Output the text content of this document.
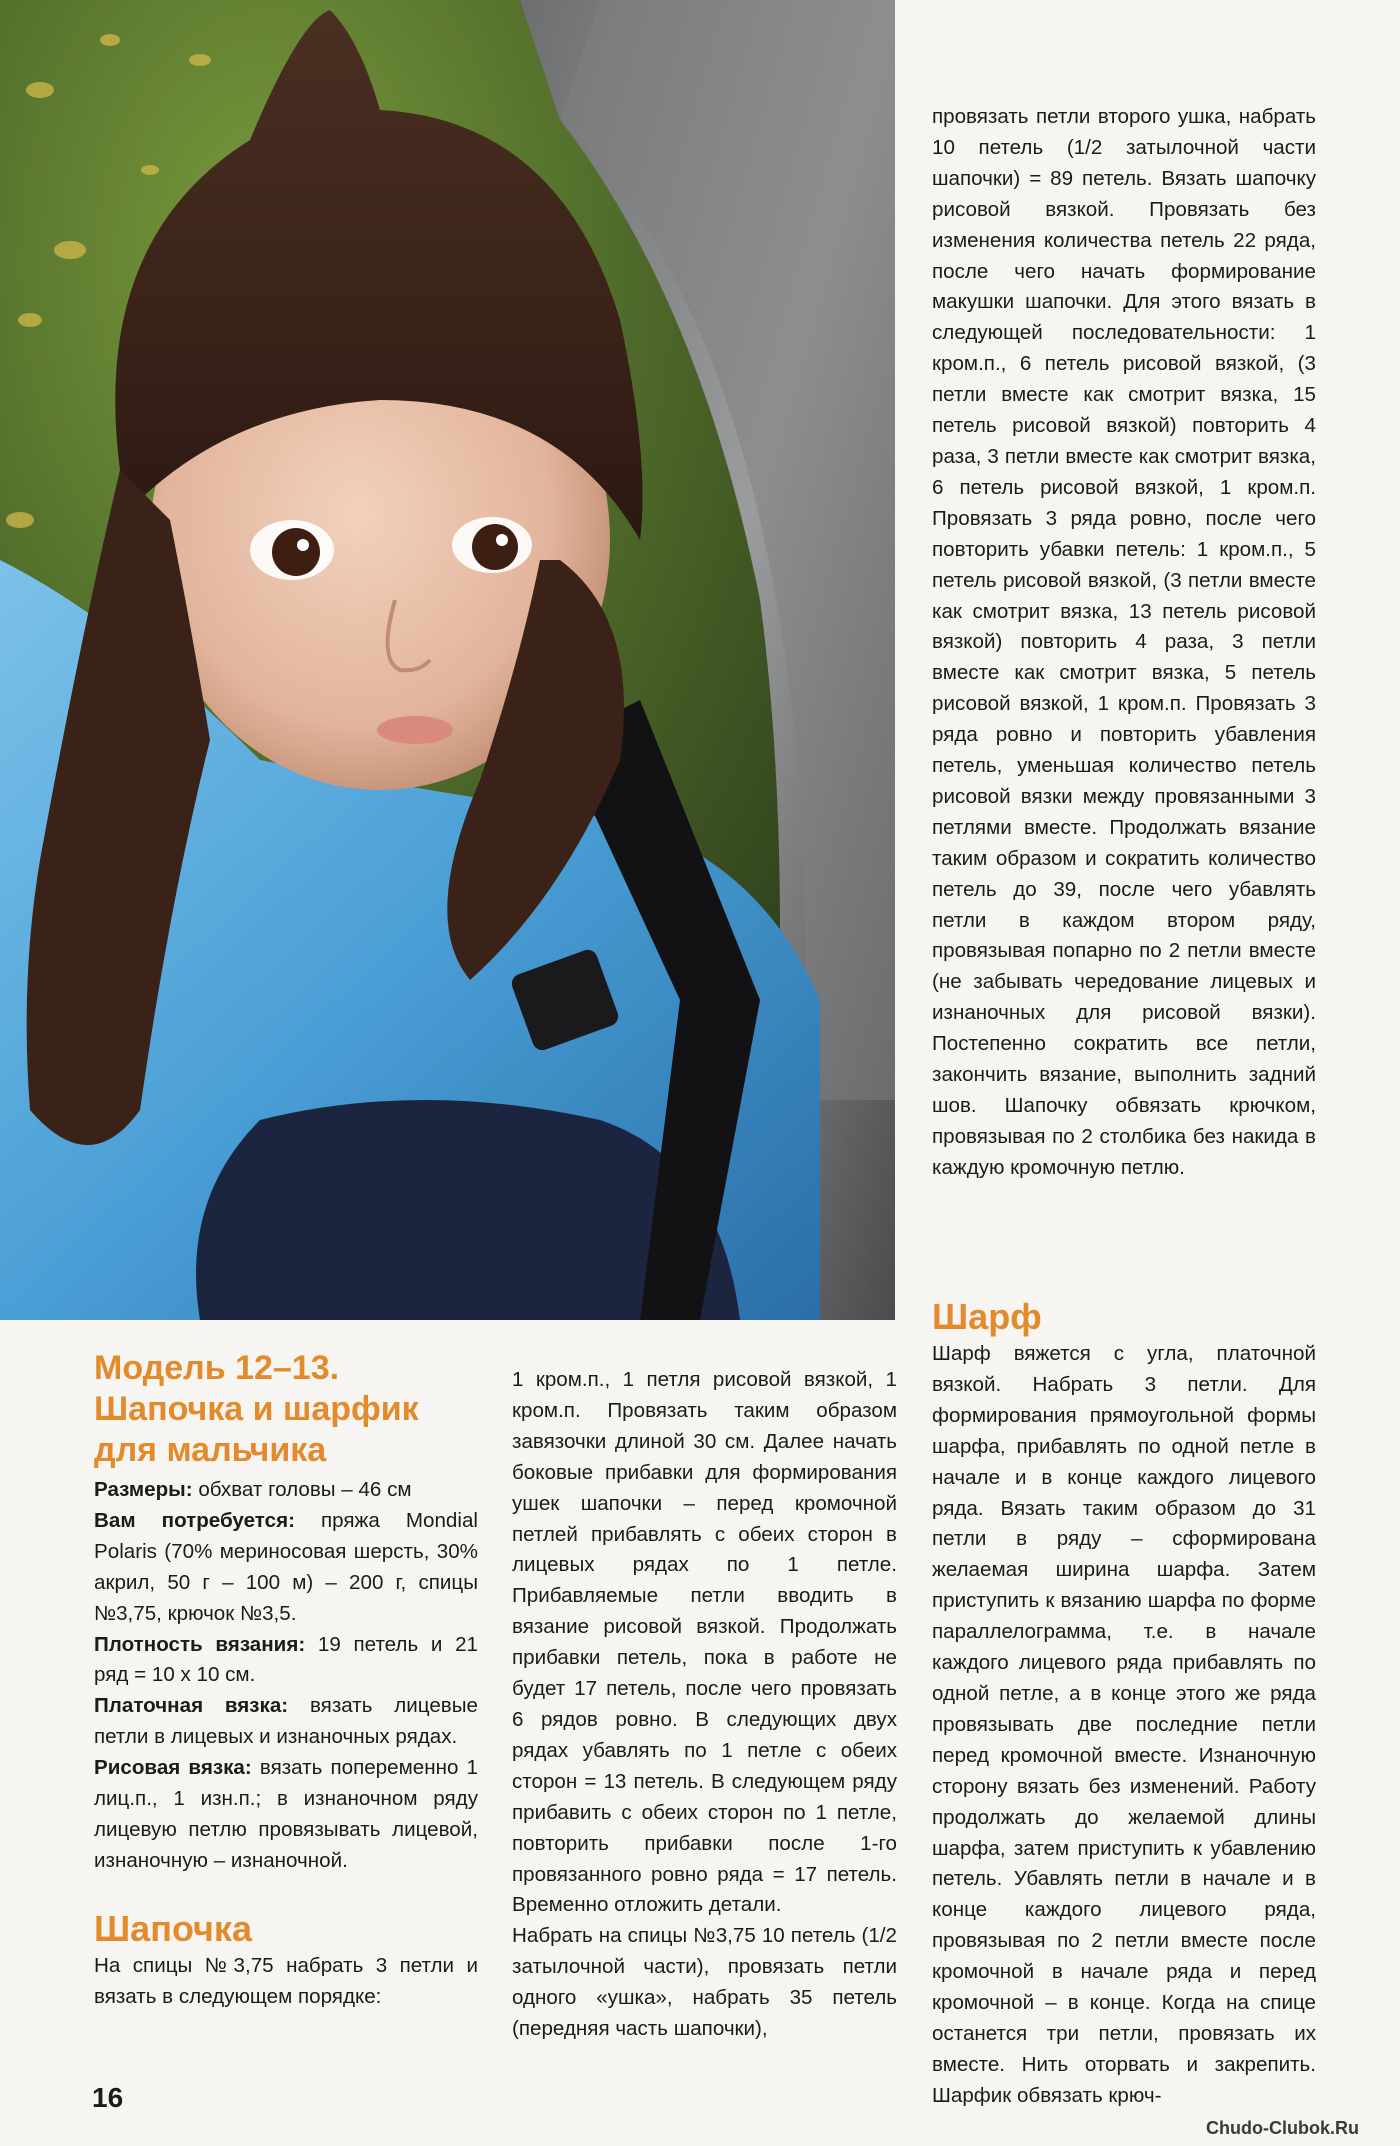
провязать петли второго ушка, набрать 10 петель (1/2 затылочной части шапочки) = 89 петель. Вязать шапочку рисовой вязкой. Провязать без изменения количества петель 22 ряда, после чего начать формирование макушки шапочки. Для этого вязать в следующей последовательности: 1 кром.п., 6 петель рисовой вязкой, (3 петли вместе как смотрит вязка, 15 петель рисовой вязкой) повторить 4 раза, 3 петли вместе как смотрит вязка, 6 петель рисовой вязкой, 1 кром.п. Провязать 3 ряда ровно, после чего повторить убавки петель: 1 кром.п., 5 петель рисовой вязкой, (3 петли вместе как смотрит вязка, 13 петель рисовой вязкой) повторить 4 раза, 3 петли вместе как смотрит вязка, 5 петель рисовой вязкой, 1 кром.п. Провязать 3 ряда ровно и повторить убавления петель, уменьшая количество петель рисовой вязки между провязанными 3 петлями вместе. Продолжать вязание таким образом и сократить количество петель до 39, после чего убавлять петли в каждом втором ряду, провязывая попарно по 2 петли вместе (не забывать чередование лицевых и изнаночных для рисовой вязки). Постепенно сократить все петли, закончить вязание, выполнить задний шов. Шапочку обвязать крючком, провязывая по 2 столбика без накида в каждую кромочную петлю.

Модель 12–13.
Шапочка и шарфик
для мальчика

Размеры: обхват головы – 46 см

Вам потребуется: пряжа Mondial Polaris (70% мериносовая шерсть, 30% акрил, 50 г – 100 м) – 200 г, спицы №3,75, крючок №3,5.

Плотность вязания: 19 петель и 21 ряд = 10 х 10 см.

Платочная вязка: вязать лицевые петли в лицевых и изнаночных рядах.

Рисовая вязка: вязать попеременно 1 лиц.п., 1 изн.п.; в изнаночном ряду лицевую петлю провязывать лицевой, изнаночную – изнаночной.

Шапочка

На спицы №3,75 набрать 3 петли и вязать в следующем порядке:

1 кром.п., 1 петля рисовой вязкой, 1 кром.п. Провязать таким образом завязочки длиной 30 см. Далее начать боковые прибавки для формирования ушек шапочки – перед кромочной петлей прибавлять с обеих сторон в лицевых рядах по 1 петле. Прибавляемые петли вводить в вязание рисовой вязкой. Продолжать прибавки петель, пока в работе не будет 17 петель, после чего провязать 6 рядов ровно. В следующих двух рядах убавлять по 1 петле с обеих сторон = 13 петель. В следующем ряду прибавить с обеих сторон по 1 петле, повторить прибавки после 1-го провязанного ровно ряда = 17 петель. Временно отложить детали.

Набрать на спицы №3,75 10 петель (1/2 затылочной части), провязать петли одного «ушка», набрать 35 петель (передняя часть шапочки),

Шарф

Шарф вяжется с угла, платочной вязкой. Набрать 3 петли. Для формирования прямоугольной формы шарфа, прибавлять по одной петле в начале и в конце каждого лицевого ряда. Вязать таким образом до 31 петли в ряду – сформирована желаемая ширина шарфа. Затем приступить к вязанию шарфа по форме параллелограмма, т.е. в начале каждого лицевого ряда прибавлять по одной петле, а в конце этого же ряда провязывать две последние петли перед кромочной вместе. Изнаночную сторону вязать без изменений. Работу продолжать до желаемой длины шарфа, затем приступить к убавлению петель. Убавлять петли в начале и в конце каждого лицевого ряда, провязывая по 2 петли вместе после кромочной в начале ряда и перед кромочной – в конце. Когда на спице останется три петли, провязать их вместе. Нить оторвать и закрепить. Шарфик обвязать крюч-

16
Chudo-Clubok.Ru
